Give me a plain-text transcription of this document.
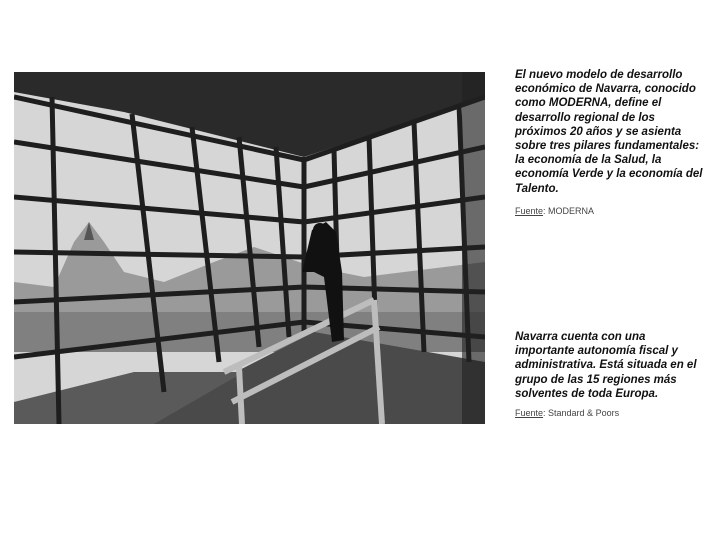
El nuevo modelo de desarrollo económico de Navarra, conocido como MODERNA, define el desarrollo regional de los próximos 20 años y se asienta sobre tres pilares fundamentales: la economía de la Salud, la economía Verde y la economía del Talento.

Fuente: MODERNA

Navarra cuenta con una importante autonomía fiscal y administrativa. Está situada en el grupo de las 15 regiones más solventes de toda Europa.

Fuente: Standard & Poors
